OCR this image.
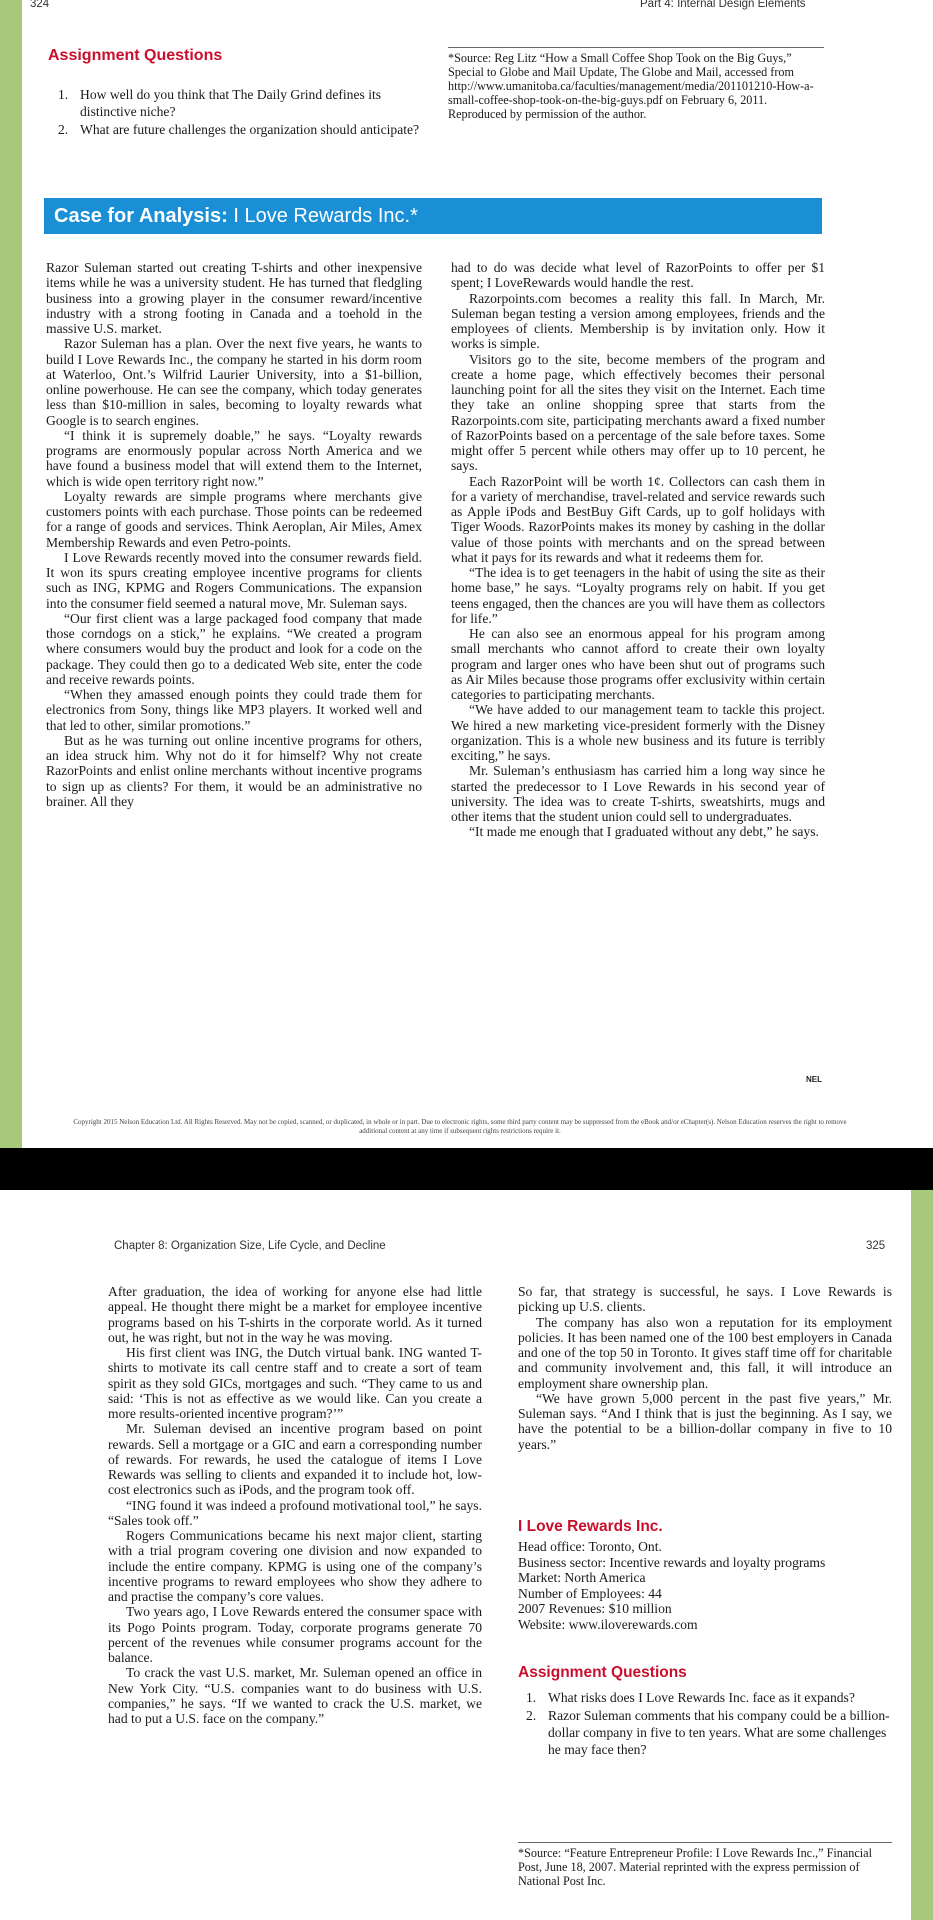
324	Part 4: Internal Design Elements
Assignment Questions
1. How well do you think that The Daily Grind defines its distinctive niche?
2. What are future challenges the organization should anticipate?
*Source: Reg Litz “How a Small Coffee Shop Took on the Big Guys,” Special to Globe and Mail Update, The Globe and Mail, accessed from http://www.umanitoba.ca/faculties/management/media/201101210-How-a-small-coffee-shop-took-on-the-big-guys.pdf on February 6, 2011. Reproduced by permission of the author.
Case for Analysis: I Love Rewards Inc.*

Razor Suleman started out creating T-shirts and other inexpensive items while he was a university student. He has turned that fledgling business into a growing player in the consumer reward/incentive industry with a strong footing in Canada and a toehold in the massive U.S. market.

Razor Suleman has a plan. Over the next five years, he wants to build I Love Rewards Inc., the company he started in his dorm room at Waterloo, Ont.’s Wilfrid Laurier University, into a $1-billion, online powerhouse. He can see the company, which today generates less than $10-million in sales, becoming to loyalty rewards what Google is to search engines.

“I think it is supremely doable,” he says. “Loyalty rewards programs are enormously popular across North America and we have found a business model that will extend them to the Internet, which is wide open territory right now.”

Loyalty rewards are simple programs where merchants give customers points with each purchase. Those points can be redeemed for a range of goods and services. Think Aeroplan, Air Miles, Amex Membership Rewards and even Petro-points.

I Love Rewards recently moved into the consumer rewards field. It won its spurs creating employee incentive programs for clients such as ING, KPMG and Rogers Communications. The expansion into the consumer field seemed a natural move, Mr. Suleman says.

“Our first client was a large packaged food company that made those corndogs on a stick,” he explains. “We created a program where consumers would buy the product and look for a code on the package. They could then go to a dedicated Web site, enter the code and receive rewards points.

“When they amassed enough points they could trade them for electronics from Sony, things like MP3 players. It worked well and that led to other, similar promotions.”

But as he was turning out online incentive programs for others, an idea struck him. Why not do it for himself? Why not create RazorPoints and enlist online merchants without incentive programs to sign up as clients? For them, it would be an administrative no brainer. All they

had to do was decide what level of RazorPoints to offer per $1 spent; I LoveRewards would handle the rest.

Razorpoints.com becomes a reality this fall. In March, Mr. Suleman began testing a version among employees, friends and the employees of clients. Membership is by invitation only. How it works is simple.

Visitors go to the site, become members of the program and create a home page, which effectively becomes their personal launching point for all the sites they visit on the Internet. Each time they take an online shopping spree that starts from the Razorpoints.com site, participating merchants award a fixed number of RazorPoints based on a percentage of the sale before taxes. Some might offer 5 percent while others may offer up to 10 percent, he says.

Each RazorPoint will be worth 1¢. Collectors can cash them in for a variety of merchandise, travel-related and service rewards such as Apple iPods and BestBuy Gift Cards, up to golf holidays with Tiger Woods. RazorPoints makes its money by cashing in the dollar value of those points with merchants and on the spread between what it pays for its rewards and what it redeems them for.

“The idea is to get teenagers in the habit of using the site as their home base,” he says. “Loyalty programs rely on habit. If you get teens engaged, then the chances are you will have them as collectors for life.”

He can also see an enormous appeal for his program among small merchants who cannot afford to create their own loyalty program and larger ones who have been shut out of programs such as Air Miles because those programs offer exclusivity within certain categories to participating merchants.

“We have added to our management team to tackle this project. We hired a new marketing vice-president formerly with the Disney organization. This is a whole new business and its future is terribly exciting,” he says.

Mr. Suleman’s enthusiasm has carried him a long way since he started the predecessor to I Love Rewards in his second year of university. The idea was to create T-shirts, sweatshirts, mugs and other items that the student union could sell to undergraduates.

“It made me enough that I graduated without any debt,” he says.

NEL
Copyright 2015 Nelson Education Ltd. All Rights Reserved. May not be copied, scanned, or duplicated, in whole or in part. Due to electronic rights, some third party content may be suppressed from the eBook and/or eChapter(s). Nelson Education reserves the right to remove additional content at any time if subsequent rights restrictions require it.
Chapter 8: Organization Size, Life Cycle, and Decline	325

After graduation, the idea of working for anyone else had little appeal. He thought there might be a market for employee incentive programs based on his T-shirts in the corporate world. As it turned out, he was right, but not in the way he was moving.

His first client was ING, the Dutch virtual bank. ING wanted T-shirts to motivate its call centre staff and to create a sort of team spirit as they sold GICs, mortgages and such. “They came to us and said: ‘This is not as effective as we would like. Can you create a more results-oriented incentive program?’”

Mr. Suleman devised an incentive program based on point rewards. Sell a mortgage or a GIC and earn a corresponding number of rewards. For rewards, he used the catalogue of items I Love Rewards was selling to clients and expanded it to include hot, low-cost electronics such as iPods, and the program took off.

“ING found it was indeed a profound motivational tool,” he says. “Sales took off.”

Rogers Communications became his next major client, starting with a trial program covering one division and now expanded to include the entire company. KPMG is using one of the company’s incentive programs to reward employees who show they adhere to and practise the company’s core values.

Two years ago, I Love Rewards entered the consumer space with its Pogo Points program. Today, corporate programs generate 70 percent of the revenues while consumer programs account for the balance.

To crack the vast U.S. market, Mr. Suleman opened an office in New York City. “U.S. companies want to do business with U.S. companies,” he says. “If we wanted to crack the U.S. market, we had to put a U.S. face on the company.”

So far, that strategy is successful, he says. I Love Rewards is picking up U.S. clients.

The company has also won a reputation for its employment policies. It has been named one of the 100 best employers in Canada and one of the top 50 in Toronto. It gives staff time off for charitable and community involvement and, this fall, it will introduce an employment share ownership plan.

“We have grown 5,000 percent in the past five years,” Mr. Suleman says. “And I think that is just the beginning. As I say, we have the potential to be a billion-dollar company in five to 10 years.”

I Love Rewards Inc.
Head office: Toronto, Ont.
Business sector: Incentive rewards and loyalty programs
Market: North America
Number of Employees: 44
2007 Revenues: $10 million
Website: www.iloverewards.com
Assignment Questions
1. What risks does I Love Rewards Inc. face as it expands?
2. Razor Suleman comments that his company could be a billion-dollar company in five to ten years. What are some challenges he may face then?
*Source: “Feature Entrepreneur Profile: I Love Rewards Inc.,” Financial Post, June 18, 2007. Material reprinted with the express permission of National Post Inc.
